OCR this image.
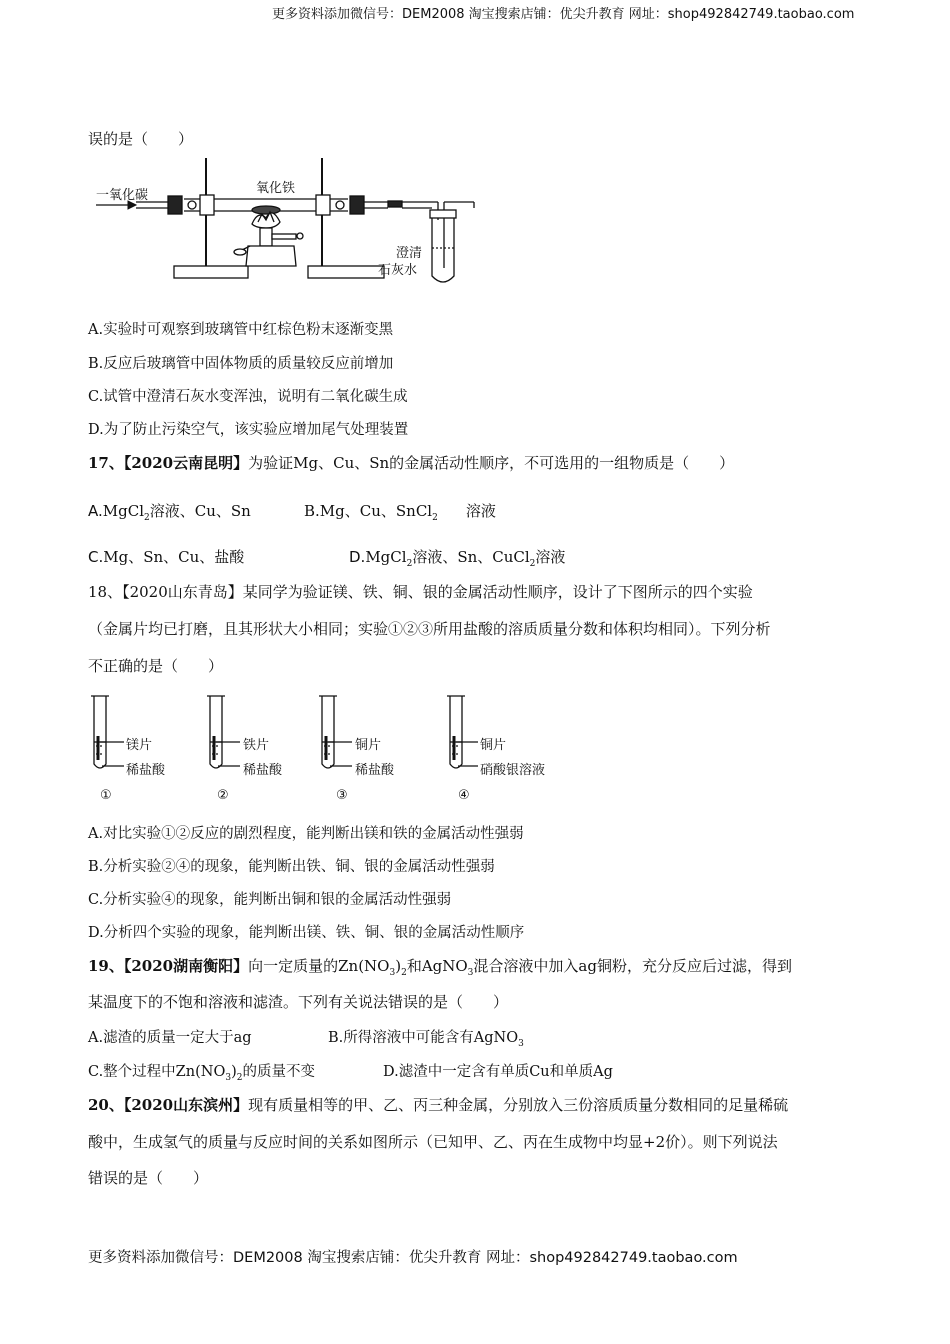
更多资料添加微信号：DEM2008 淘宝搜索店铺：优尖升教育 网址：shop492842749.taobao.com
误的是（　　）
一氧化碳	氧化铁
澄清
石灰水
A.实验时可观察到玻璃管中红棕色粉末逐渐变黑
B.反应后玻璃管中固体物质的质量较反应前增加
C.试管中澄清石灰水变浑浊，说明有二氧化碳生成
D.为了防止污染空气，该实验应增加尾气处理装置
17、【2020云南昆明】为验证Mg、Cu、Sn的金属活动性顺序，不可选用的一组物质是（　　）
A.MgCl$_2$溶液、Cu、Sn	B.Mg、Cu、SnCl$_2$ 溶液
C.Mg、Sn、Cu、盐酸	D.MgCl$_2$溶液、Sn、CuCl$_2$溶液
18、【2020山东青岛】某同学为验证镁、铁、铜、银的金属活动性顺序，设计了下图所示的四个实验
（金属片均已打磨，且其形状大小相同；实验①②③所用盐酸的溶质质量分数和体积均相同）。下列分析
不正确的是（　　）
镁片
稀盐酸
①
铁片
稀盐酸
②
铜片
稀盐酸
③
铜片
硝酸银溶液
④
A.对比实验①②反应的剧烈程度，能判断出镁和铁的金属活动性强弱
B.分析实验②④的现象，能判断出铁、铜、银的金属活动性强弱
C.分析实验④的现象，能判断出铜和银的金属活动性强弱
D.分析四个实验的现象，能判断出镁、铁、铜、银的金属活动性顺序
19、【2020湖南衡阳】向一定质量的$Zn(NO_3)_2$和AgNO$_3$混合溶液中加入ag铜粉，充分反应后过滤，得到
某温度下的不饱和溶液和滤渣。下列有关说法错误的是（　　）
A.滤渣的质量一定大于ag	B.所得溶液中可能含有AgNO$_3$
C.整个过程中$Zn(NO_3)_2$的质量不变	D.滤渣中一定含有单质Cu和单质Ag
20、【2020山东滨州】现有质量相等的甲、乙、丙三种金属，分别放入三份溶质质量分数相同的足量稀硫
酸中，生成氢气的质量与反应时间的关系如图所示（已知甲、乙、丙在生成物中均显+2价）。则下列说法
错误的是（　　）
更多资料添加微信号：DEM2008 淘宝搜索店铺：优尖升教育 网址：shop492842749.taobao.com
